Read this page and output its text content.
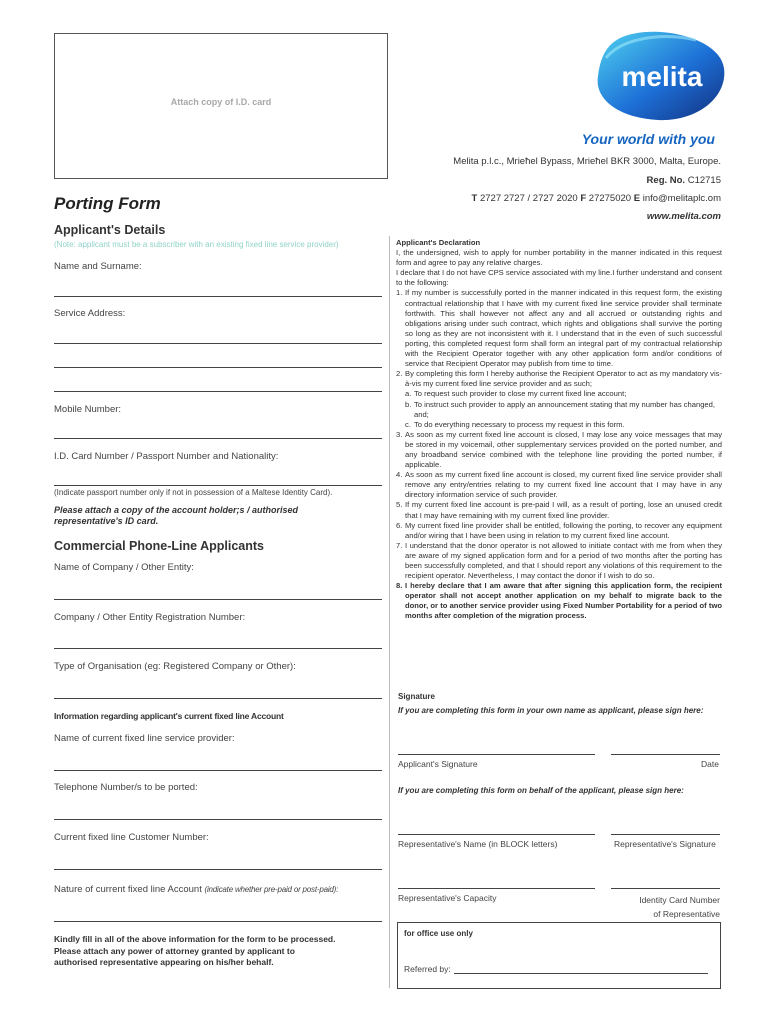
Attach copy of I.D. card
melita
Your world with you
Melita p.l.c., Mrieħel Bypass, Mrieħel BKR 3000, Malta, Europe.
Reg. No. C12715
T 2727 2727 / 2727 2020 F 27275020 E info@melitaplc.om
www.melita.com
Porting Form
Applicant's Details
(Note: applicant must be a subscriber with an existing fixed line service provider)
Name and Surname:
Service Address:
Mobile Number:
I.D. Card Number / Passport Number and Nationality:
(Indicate passport number only if not in possession of a Maltese Identity Card).
Please attach a copy of the account holder;s / authorised
representative's ID card.
Commercial Phone-Line Applicants
Name of Company / Other Entity:
Company / Other Entity Registration Number:
Type of Organisation (eg: Registered Company or Other):
Information regarding applicant's current fixed line Account
Name of current fixed line service provider:
Telephone Number/s to be ported:
Current fixed line Customer Number:
Nature of current fixed line Account (indicate whether pre-paid or post-paid):
Kindly fill in all of the above information for the form to be processed.
Please attach any power of attorney granted by applicant to
authorised representative appearing on his/her behalf.
Applicant's Declaration

I, the undersigned, wish to apply for number portability in the manner indicated in this request form and agree to pay any relative charges.

I declare that I do not have CPS service associated with my line.I further understand and consent to the following:

1. If my number is successfully ported in the manner indicated in this request form, the existing contractual relationship that I have with my current fixed line service provider shall terminate forthwith. This shall however not affect any and all accrued or outstanding rights and obligations arising under such contract, which rights and obligations shall survive the porting so long as they are not inconsistent with it. I understand that in the even of such successful porting, this completed request form shall form an integral part of my contractual relationship with the Recipient Operator together with any other application form and/or conditions of service that Recipient Operator may publish from time to time.
2. By completing this form I hereby authorise the Recipient Operator to act as my mandatory vis-à-vis my current fixed line service provider and as such;
a. To request such provider to close my current fixed line account;
b. To instruct such provider to apply an announcement stating that my number has changed, and;
c. To do everything necessary to process my request in this form.
3. As soon as my current fixed line account is closed, I may lose any voice messages that may be stored in my voicemail, other supplementary services provided on the ported number, and any broadband service combined with the telephone line providing the ported number, if applicable.
4. As soon as my current fixed line account is closed, my current fixed line service provider shall remove any entry/entries relating to my current fixed line account that I may have in any directory information service of such provider.
5. If my current fixed line account is pre-paid I will, as a result of porting, lose an unused credit that I may have remaining with my current fixed line provider.
6. My current fixed line provider shall be entitled, following the porting, to recover any equipment and/or wiring that I have been using in relation to my current fixed line account.
7. I understand that the donor operator is not allowed to initiate contact with me from when they are aware of my signed application form and for a period of two months after the porting has been successfully completed, and that I should report any violations of this requirement to the recipient operator. Nevertheless, I may contact the donor if I wish to do so.
8. I hereby declare that I am aware that after signing this application form, the recipient operator shall not accept another application on my behalf to migrate back to the donor, or to another service provider using Fixed Number Portability for a period of two months after completion of the migration process.
Signature
If you are completing this form in your own name as applicant, please sign here:
Applicant's Signature	Date
If you are completing this form on behalf of the applicant, please sign here:
Representative's Name (in BLOCK letters)	Representative's Signature
Representative's Capacity	Identity Card Number
of Representative
for office use only
Referred by:
